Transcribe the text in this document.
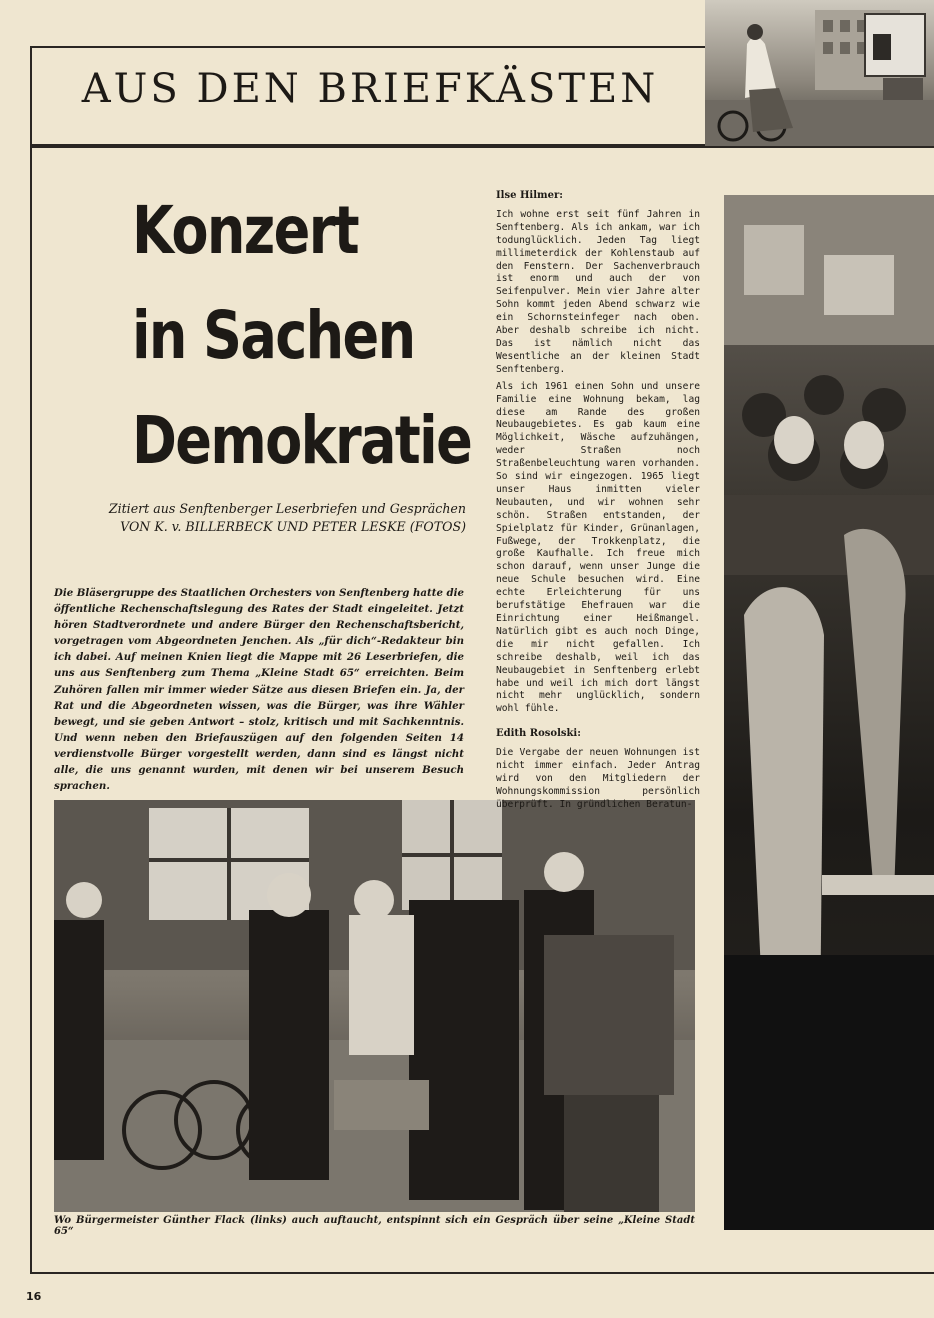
AUS DEN BRIEFKÄSTEN
Konzert
in Sachen
Demokratie
Zitiert aus Senftenberger Leserbriefen und Gesprächen
VON K. v. BILLERBECK UND PETER LESKE (FOTOS)
Die Bläsergruppe des Staatlichen Orchesters von Senftenberg hatte die öffentliche Rechenschaftslegung des Rates der Stadt eingeleitet. Jetzt hören Stadtverordnete und andere Bürger den Rechenschaftsbericht, vorgetragen vom Abgeordneten Jenchen. Als „für dich“-Redakteur bin ich dabei. Auf meinen Knien liegt die Mappe mit 26 Leserbriefen, die uns aus Senftenberg zum Thema „Kleine Stadt 65“ erreichten. Beim Zuhören fallen mir immer wieder Sätze aus diesen Briefen ein. Ja, der Rat und die Abgeordneten wissen, was die Bürger, was ihre Wähler bewegt, und sie geben Antwort – stolz, kritisch und mit Sachkenntnis. Und wenn neben den Briefauszügen auf den folgenden Seiten 14 verdienstvolle Bürger vorgestellt werden, dann sind es längst nicht alle, die uns genannt wurden, mit denen wir bei unserem Besuch sprachen.
Ilse Hilmer:

Ich wohne erst seit fünf Jahren in Senftenberg. Als ich ankam, war ich todunglücklich. Jeden Tag liegt millimeterdick der Kohlenstaub auf den Fenstern. Der Sachenverbrauch ist enorm und auch der von Seifenpulver. Mein vier Jahre alter Sohn kommt jeden Abend schwarz wie ein Schornsteinfeger nach oben. Aber deshalb schreibe ich nicht. Das ist nämlich nicht das Wesentliche an der kleinen Stadt Senftenberg.

Als ich 1961 einen Sohn und unsere Familie eine Wohnung bekam, lag diese am Rande des großen Neubaugebietes. Es gab kaum eine Möglichkeit, Wäsche aufzuhängen, weder Straßen noch Straßenbeleuchtung waren vorhanden. So sind wir eingezogen. 1965 liegt unser Haus inmitten vieler Neubauten, und wir wohnen sehr schön. Straßen entstanden, der Spielplatz für Kinder, Grünanlagen, Fußwege, der Trokkenplatz, die große Kaufhalle. Ich freue mich schon darauf, wenn unser Junge die neue Schule besuchen wird. Eine echte Erleichterung für uns berufstätige Ehefrauen war die Einrichtung einer Heißmangel. Natürlich gibt es auch noch Dinge, die mir nicht gefallen. Ich schreibe deshalb, weil ich das Neubaugebiet in Senftenberg erlebt habe und weil ich mich dort längst nicht mehr unglücklich, sondern wohl fühle.

Edith Rosolski:

Die Vergabe der neuen Wohnungen ist nicht immer einfach. Jeder Antrag wird von den Mitgliedern der Wohnungskommission persönlich überprüft. In gründlichen Beratun-

Wo Bürgermeister Günther Flack (links) auch auftaucht, entspinnt sich ein Gespräch über seine „Kleine Stadt 65“
16
